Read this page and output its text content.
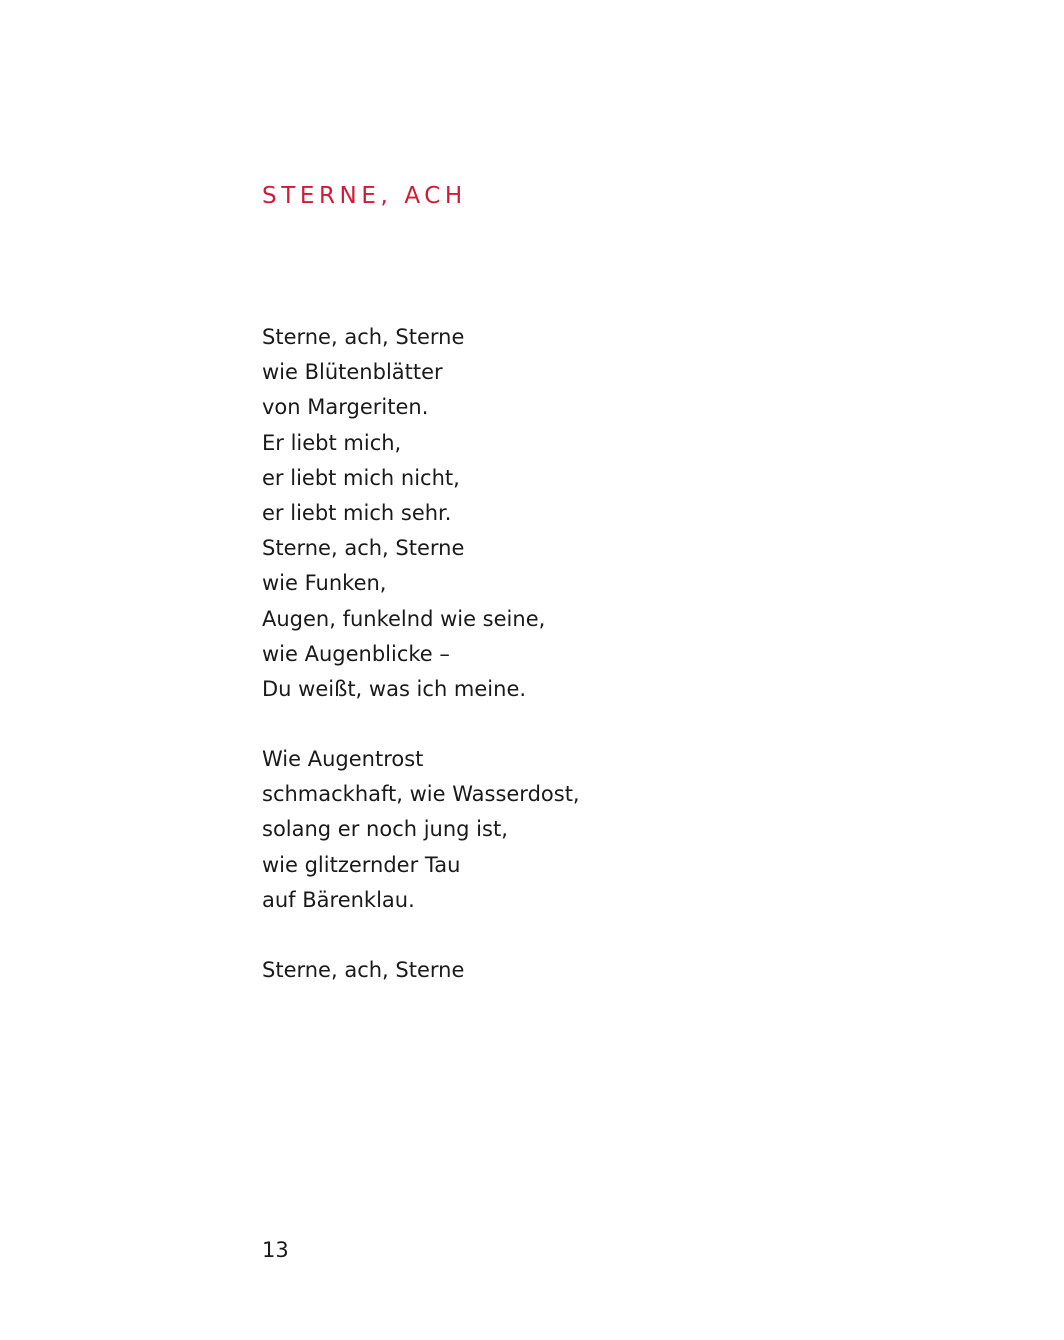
STERNE, ACH
Sterne, ach, Sterne
wie Blütenblätter
von Margeriten.
Er liebt mich,
er liebt mich nicht,
er liebt mich sehr.
Sterne, ach, Sterne
wie Funken,
Augen, funkelnd wie seine,
wie Augenblicke –
Du weißt, was ich meine.
Wie Augentrost
schmackhaft, wie Wasserdost,
solang er noch jung ist,
wie glitzernder Tau
auf Bärenklau.
Sterne, ach, Sterne
13
